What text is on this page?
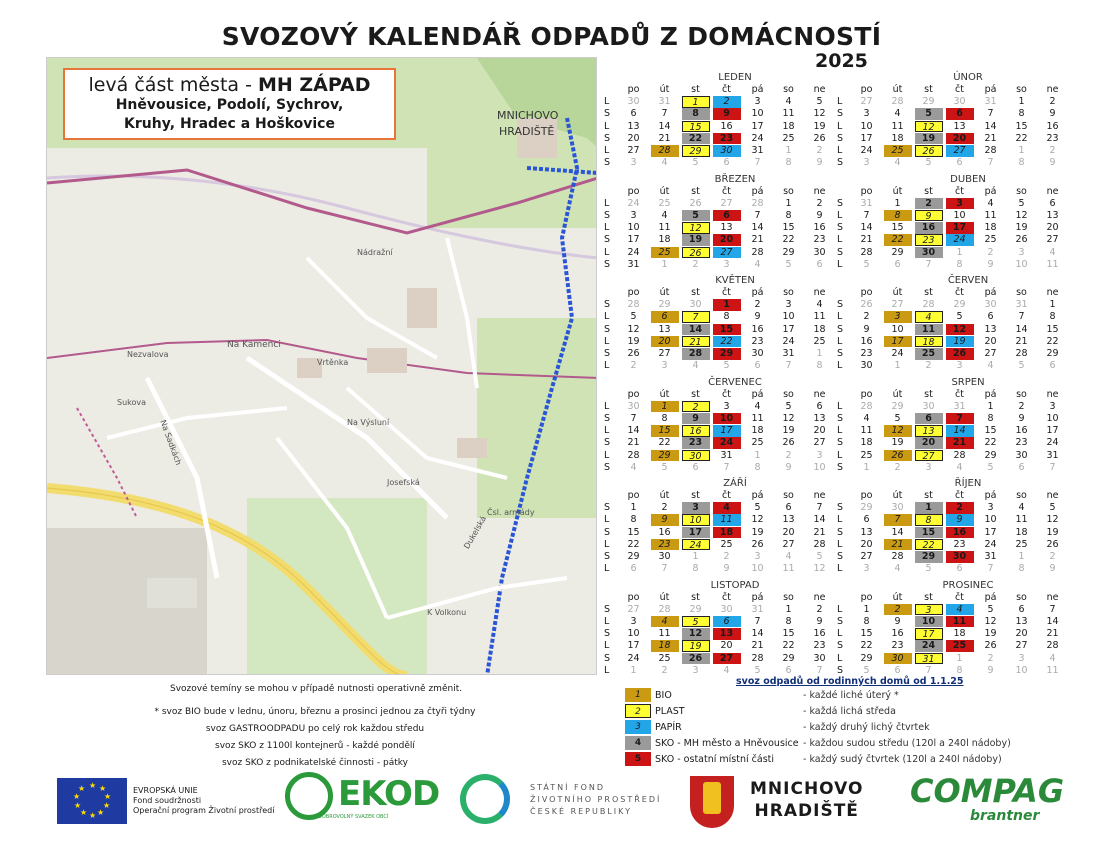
SVOZOVÝ KALENDÁŘ ODPADŮ Z DOMÁCNOSTÍ
2025
Na Kamenci
Nezvalova
Sukova
Vrtěnka
Na Sadkách
Josefská
Dukelská
K Volkonu
Čsl. armády
Nádražní
Na Výsluní
levá část města - MH ZÁPAD
Hněvousice, Podolí, Sychrov,
Kruhy, Hradec a Hoškovice
MNICHOVO
HRADIŠTĚ
LEDEN
po	út	st	čt	pá	so	ne
L	30	31	1	2	3	4	5
S	6	7	8	9	10	11	12
L	13	14	15	16	17	18	19
S	20	21	22	23	24	25	26
L	27	28	29	30	31	1	2
S	3	4	5	6	7	8	9
ÚNOR
po	út	st	čt	pá	so	ne
L	27	28	29	30	31	1	2
S	3	4	5	6	7	8	9
L	10	11	12	13	14	15	16
S	17	18	19	20	21	22	23
L	24	25	26	27	28	1	2
S	3	4	5	6	7	8	9
BŘEZEN
po	út	st	čt	pá	so	ne
L	24	25	26	27	28	1	2
S	3	4	5	6	7	8	9
L	10	11	12	13	14	15	16
S	17	18	19	20	21	22	23
L	24	25	26	27	28	29	30
S	31	1	2	3	4	5	6
DUBEN
po	út	st	čt	pá	so	ne
S	31	1	2	3	4	5	6
L	7	8	9	10	11	12	13
S	14	15	16	17	18	19	20
L	21	22	23	24	25	26	27
S	28	29	30	1	2	3	4
L	5	6	7	8	9	10	11
KVĚTEN
po	út	st	čt	pá	so	ne
S	28	29	30	1	2	3	4
L	5	6	7	8	9	10	11
S	12	13	14	15	16	17	18
L	19	20	21	22	23	24	25
S	26	27	28	29	30	31	1
L	2	3	4	5	6	7	8
ČERVEN
po	út	st	čt	pá	so	ne
S	26	27	28	29	30	31	1
L	2	3	4	5	6	7	8
S	9	10	11	12	13	14	15
L	16	17	18	19	20	21	22
S	23	24	25	26	27	28	29
L	30	1	2	3	4	5	6
ČERVENEC
po	út	st	čt	pá	so	ne
L	30	1	2	3	4	5	6
S	7	8	9	10	11	12	13
L	14	15	16	17	18	19	20
S	21	22	23	24	25	26	27
L	28	29	30	31	1	2	3
S	4	5	6	7	8	9	10
SRPEN
po	út	st	čt	pá	so	ne
L	28	29	30	31	1	2	3
S	4	5	6	7	8	9	10
L	11	12	13	14	15	16	17
S	18	19	20	21	22	23	24
L	25	26	27	28	29	30	31
S	1	2	3	4	5	6	7
ZÁŘÍ
po	út	st	čt	pá	so	ne
S	1	2	3	4	5	6	7
L	8	9	10	11	12	13	14
S	15	16	17	18	19	20	21
L	22	23	24	25	26	27	28
S	29	30	1	2	3	4	5
L	6	7	8	9	10	11	12
ŘÍJEN
po	út	st	čt	pá	so	ne
S	29	30	1	2	3	4	5
L	6	7	8	9	10	11	12
S	13	14	15	16	17	18	19
L	20	21	22	23	24	25	26
S	27	28	29	30	31	1	2
L	3	4	5	6	7	8	9
LISTOPAD
po	út	st	čt	pá	so	ne
S	27	28	29	30	31	1	2
L	3	4	5	6	7	8	9
S	10	11	12	13	14	15	16
L	17	18	19	20	21	22	23
S	24	25	26	27	28	29	30
L	1	2	3	4	5	6	7
PROSINEC
po	út	st	čt	pá	so	ne
L	1	2	3	4	5	6	7
S	8	9	10	11	12	13	14
L	15	16	17	18	19	20	21
S	22	23	24	25	26	27	28
L	29	30	31	1	2	3	4
S	5	6	7	8	9	10	11
Svozové temíny se mohou v případě nutnosti operativně změnit.
* svoz BIO bude v lednu, únoru, březnu a prosinci jednou za čtyři týdny
svoz GASTROODPADU po celý rok každou středu
svoz SKO z 1100l kontejnerů - každé pondělí
svoz SKO z podnikatelské činnosti - pátky
svoz odpadů od rodinných domů od 1.1.25
1	BIO	- každé liché úterý *
2	PLAST	- každá lichá středa
3	PAPÍR	- každý druhý lichý čtvrtek
4	SKO - MH město a Hněvousice - každou sudou středu (120l a 240l nádoby)
5	SKO - ostatní místní části	- každý sudý čtvrtek (120l a 240l nádoby)
★ ★
★
★
★
★
★
★
★
★	EVROPSKÁ UNIE
Fond soudržnosti
Operační program Životní prostředí EKOD
DOBROVOLNÝ SVAZEK OBCÍ
STÁTNÍ FOND
ŽIVOTNÍHO PROSTŘEDÍ
ČESKÉ REPUBLIKY
MNICHOVO
HRADIŠTĚ
COMPAG
brantner
